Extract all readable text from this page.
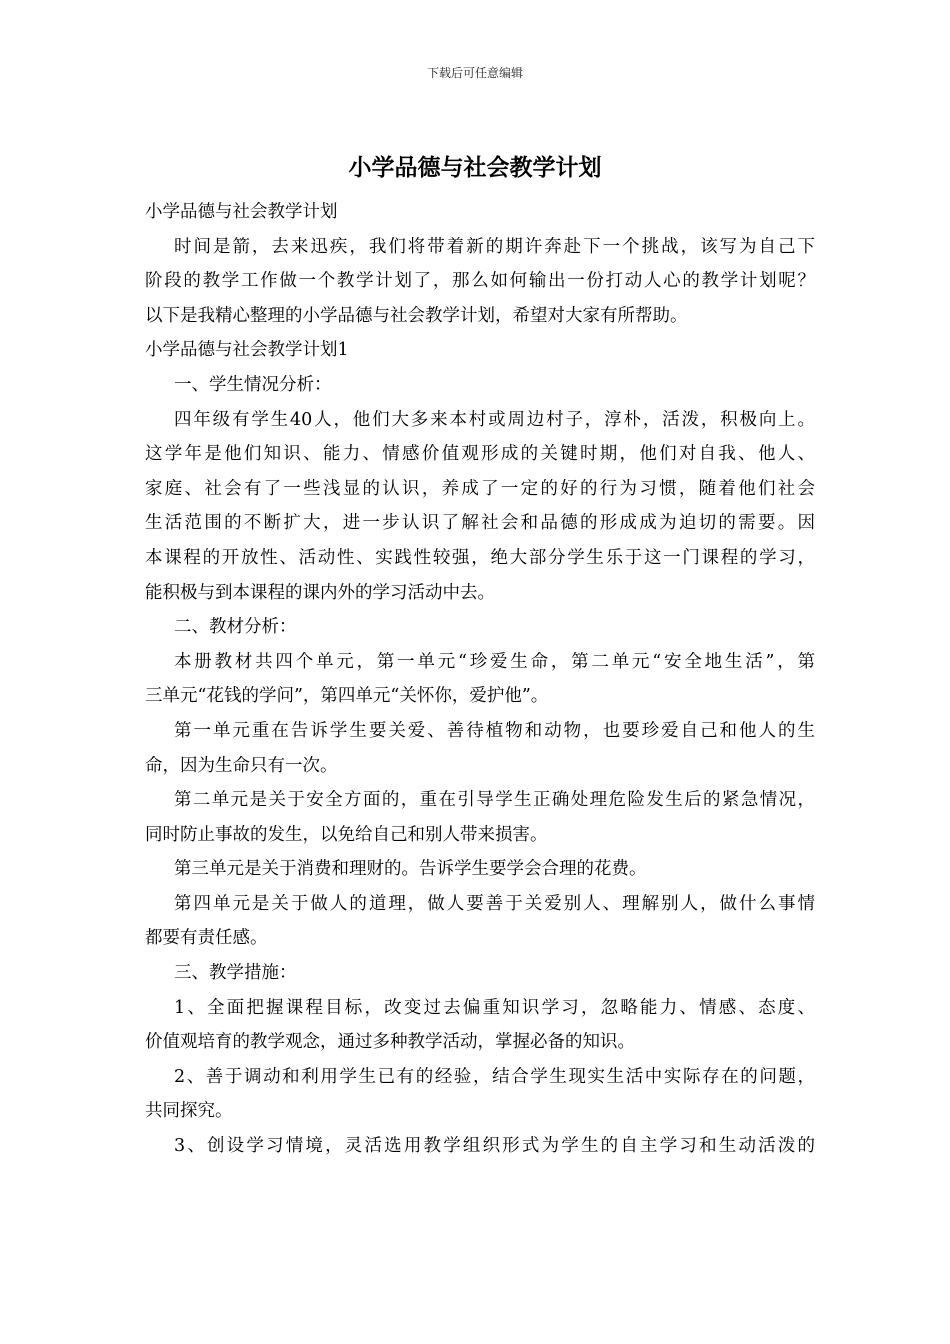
下载后可任意编辑
小学品德与社会教学计划
小学品德与社会教学计划
时间是箭，去来迅疾，我们将带着新的期许奔赴下一个挑战，该写为自己下
阶段的教学工作做一个教学计划了，那么如何输出一份打动人心的教学计划呢？
以下是我精心整理的小学品德与社会教学计划，希望对大家有所帮助。
小学品德与社会教学计划1
一、学生情况分析：
四年级有学生40人，他们大多来本村或周边村子，淳朴，活泼，积极向上。
这学年是他们知识、能力、情感价值观形成的关键时期，他们对自我、他人、
家庭、社会有了一些浅显的认识，养成了一定的好的行为习惯，随着他们社会
生活范围的不断扩大，进一步认识了解社会和品德的形成成为迫切的需要。因
本课程的开放性、活动性、实践性较强，绝大部分学生乐于这一门课程的学习，
能积极与到本课程的课内外的学习活动中去。
二、教材分析：
本册教材共四个单元，第一单元“珍爱生命，第二单元“安全地生活”，第
三单元“花钱的学问”，第四单元“关怀你，爱护他”。
第一单元重在告诉学生要关爱、善待植物和动物，也要珍爱自己和他人的生
命，因为生命只有一次。
第二单元是关于安全方面的，重在引导学生正确处理危险发生后的紧急情况，
同时防止事故的发生，以免给自己和别人带来损害。
第三单元是关于消费和理财的。告诉学生要学会合理的花费。
第四单元是关于做人的道理，做人要善于关爱别人、理解别人，做什么事情
都要有责任感。
三、教学措施：
1、全面把握课程目标，改变过去偏重知识学习，忽略能力、情感、态度、
价值观培育的教学观念，通过多种教学活动，掌握必备的知识。
2、善于调动和利用学生已有的经验，结合学生现实生活中实际存在的问题，
共同探究。
3、创设学习情境，灵活选用教学组织形式为学生的自主学习和生动活泼的
